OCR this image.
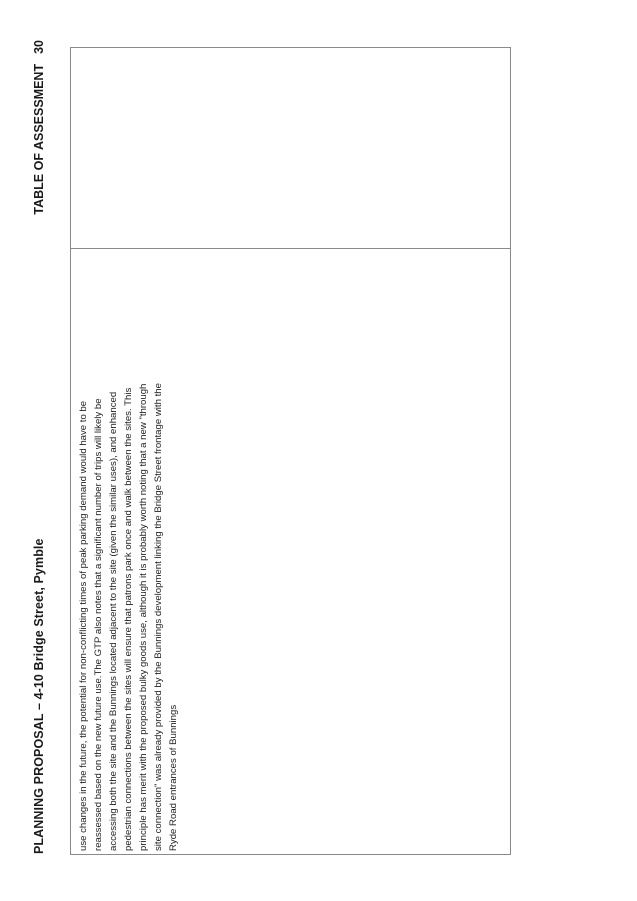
PLANNING PROPOSAL – 4-10 Bridge Street, Pymble
TABLE OF ASSESSMENT30

use changes in the future, the potential for non-conflicting times of peak parking demand would have to be reassessed based on the new future use.The GTP also notes that a significant number of trips will likely be accessing both the site and the Bunnings located adjacent to the site (given the similar uses), and enhanced pedestrian connections between the sites will ensure that patrons park once and walk between the sites. This principle has merit with the proposed bulky goods use, although it is probably worth noting that a new "through site connection" was already provided by the Bunnings development linking the Bridge Street frontage with the Ryde Road entrances of Bunnings
